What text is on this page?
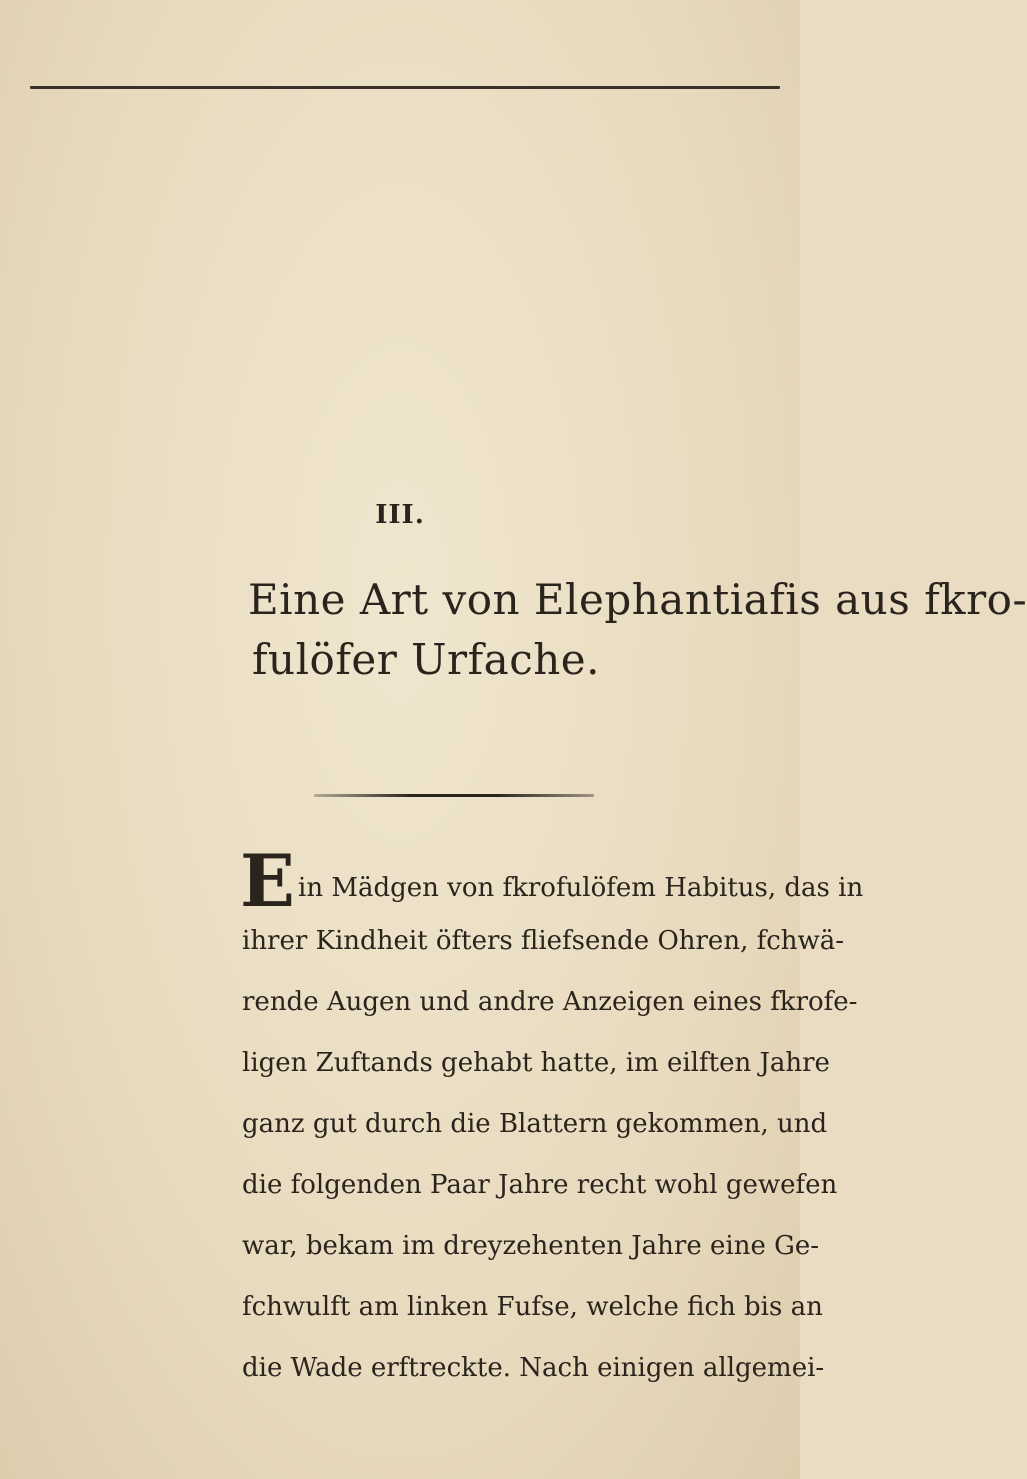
III.
Eine Art von Elephantiafis aus fkro-
fulöfer Urfache.
E in Mädgen von fkrofulöfem Habitus, das in
ihrer Kindheit öfters fliefsende Ohren, fchwä-
rende Augen und andre Anzeigen eines fkrofe-
ligen Zuftands gehabt hatte, im eilften Jahre
ganz gut durch die Blattern gekommen, und
die folgenden Paar Jahre recht wohl gewefen
war, bekam im dreyzehenten Jahre eine Ge-
fchwulft am linken Fufse, welche fich bis an
die Wade erftreckte. Nach einigen allgemei-
